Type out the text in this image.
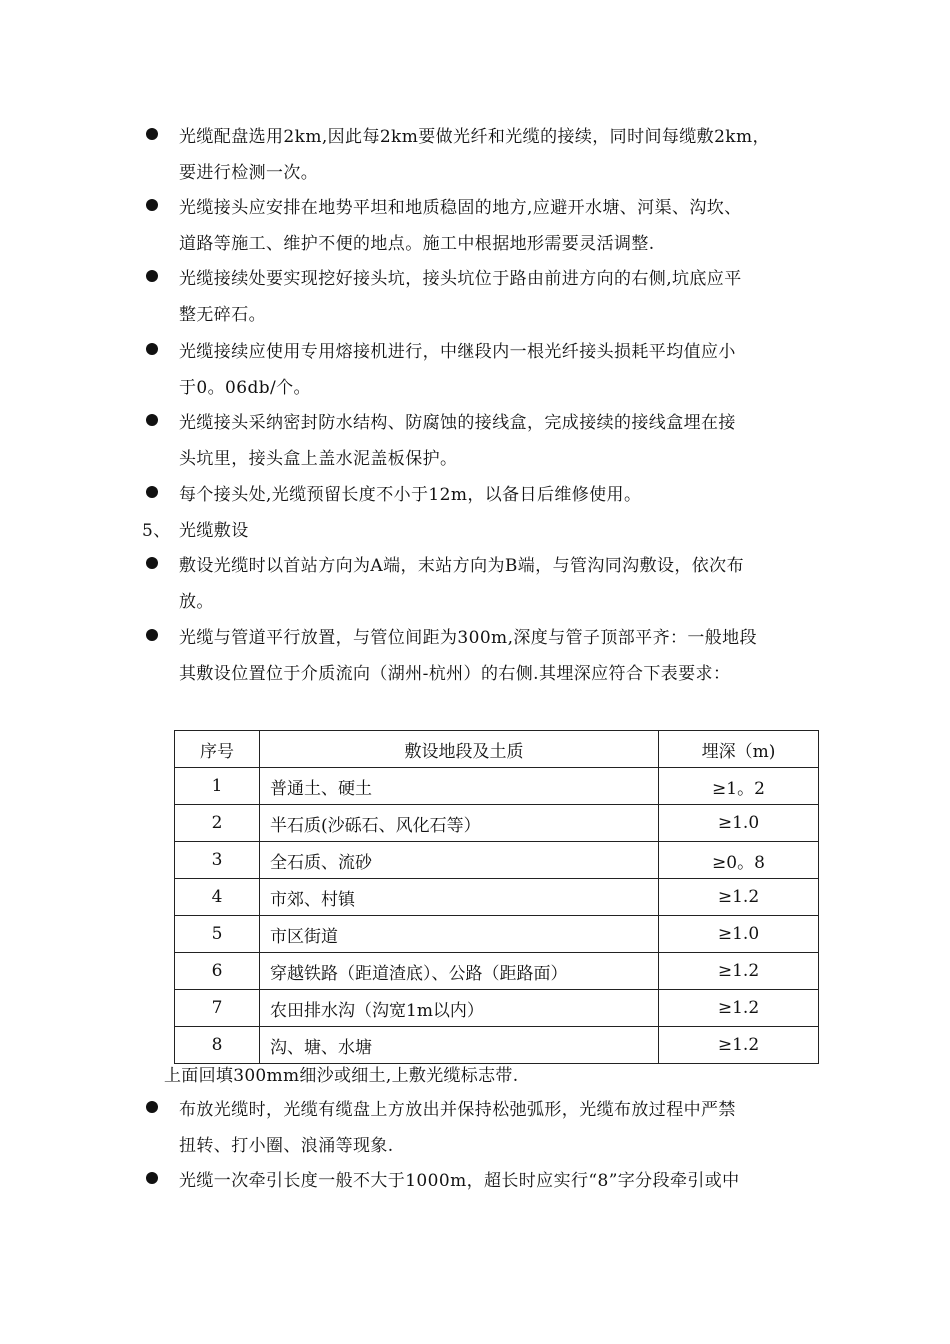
光缆配盘选用2km,因此每2km要做光纤和光缆的接续，同时间每缆敷2km，
要进行检测一次。
光缆接头应安排在地势平坦和地质稳固的地方,应避开水塘、河渠、沟坎、
道路等施工、维护不便的地点。施工中根据地形需要灵活调整.
光缆接续处要实现挖好接头坑，接头坑位于路由前进方向的右侧,坑底应平
整无碎石。
光缆接续应使用专用熔接机进行，中继段内一根光纤接头损耗平均值应小
于0。06db/个。
光缆接头采纳密封防水结构、防腐蚀的接线盒，完成接续的接线盒埋在接
头坑里，接头盒上盖水泥盖板保护。
每个接头处,光缆预留长度不小于12m，以备日后维修使用。
5、 光缆敷设
敷设光缆时以首站方向为A端，末站方向为B端，与管沟同沟敷设，依次布
放。
光缆与管道平行放置，与管位间距为300m,深度与管子顶部平齐：一般地段
其敷设位置位于介质流向（湖州-杭州）的右侧.其埋深应符合下表要求：
序号	敷设地段及土质	埋深（m)
1	普通土、硬土	≥1。2
2	半石质(沙砾石、风化石等）	≥1.0
3	全石质、流砂	≥0。8
4	市郊、村镇	≥1.2
5	市区街道	≥1.0
6	穿越铁路（距道渣底）、公路（距路面）	≥1.2
7	农田排水沟（沟宽1m以内）	≥1.2
8	沟、塘、水塘	≥1.2
上面回填300mm细沙或细土,上敷光缆标志带.
布放光缆时，光缆有缆盘上方放出并保持松弛弧形，光缆布放过程中严禁
扭转、打小圈、浪涌等现象.
光缆一次牵引长度一般不大于1000m，超长时应实行“8”字分段牵引或中
